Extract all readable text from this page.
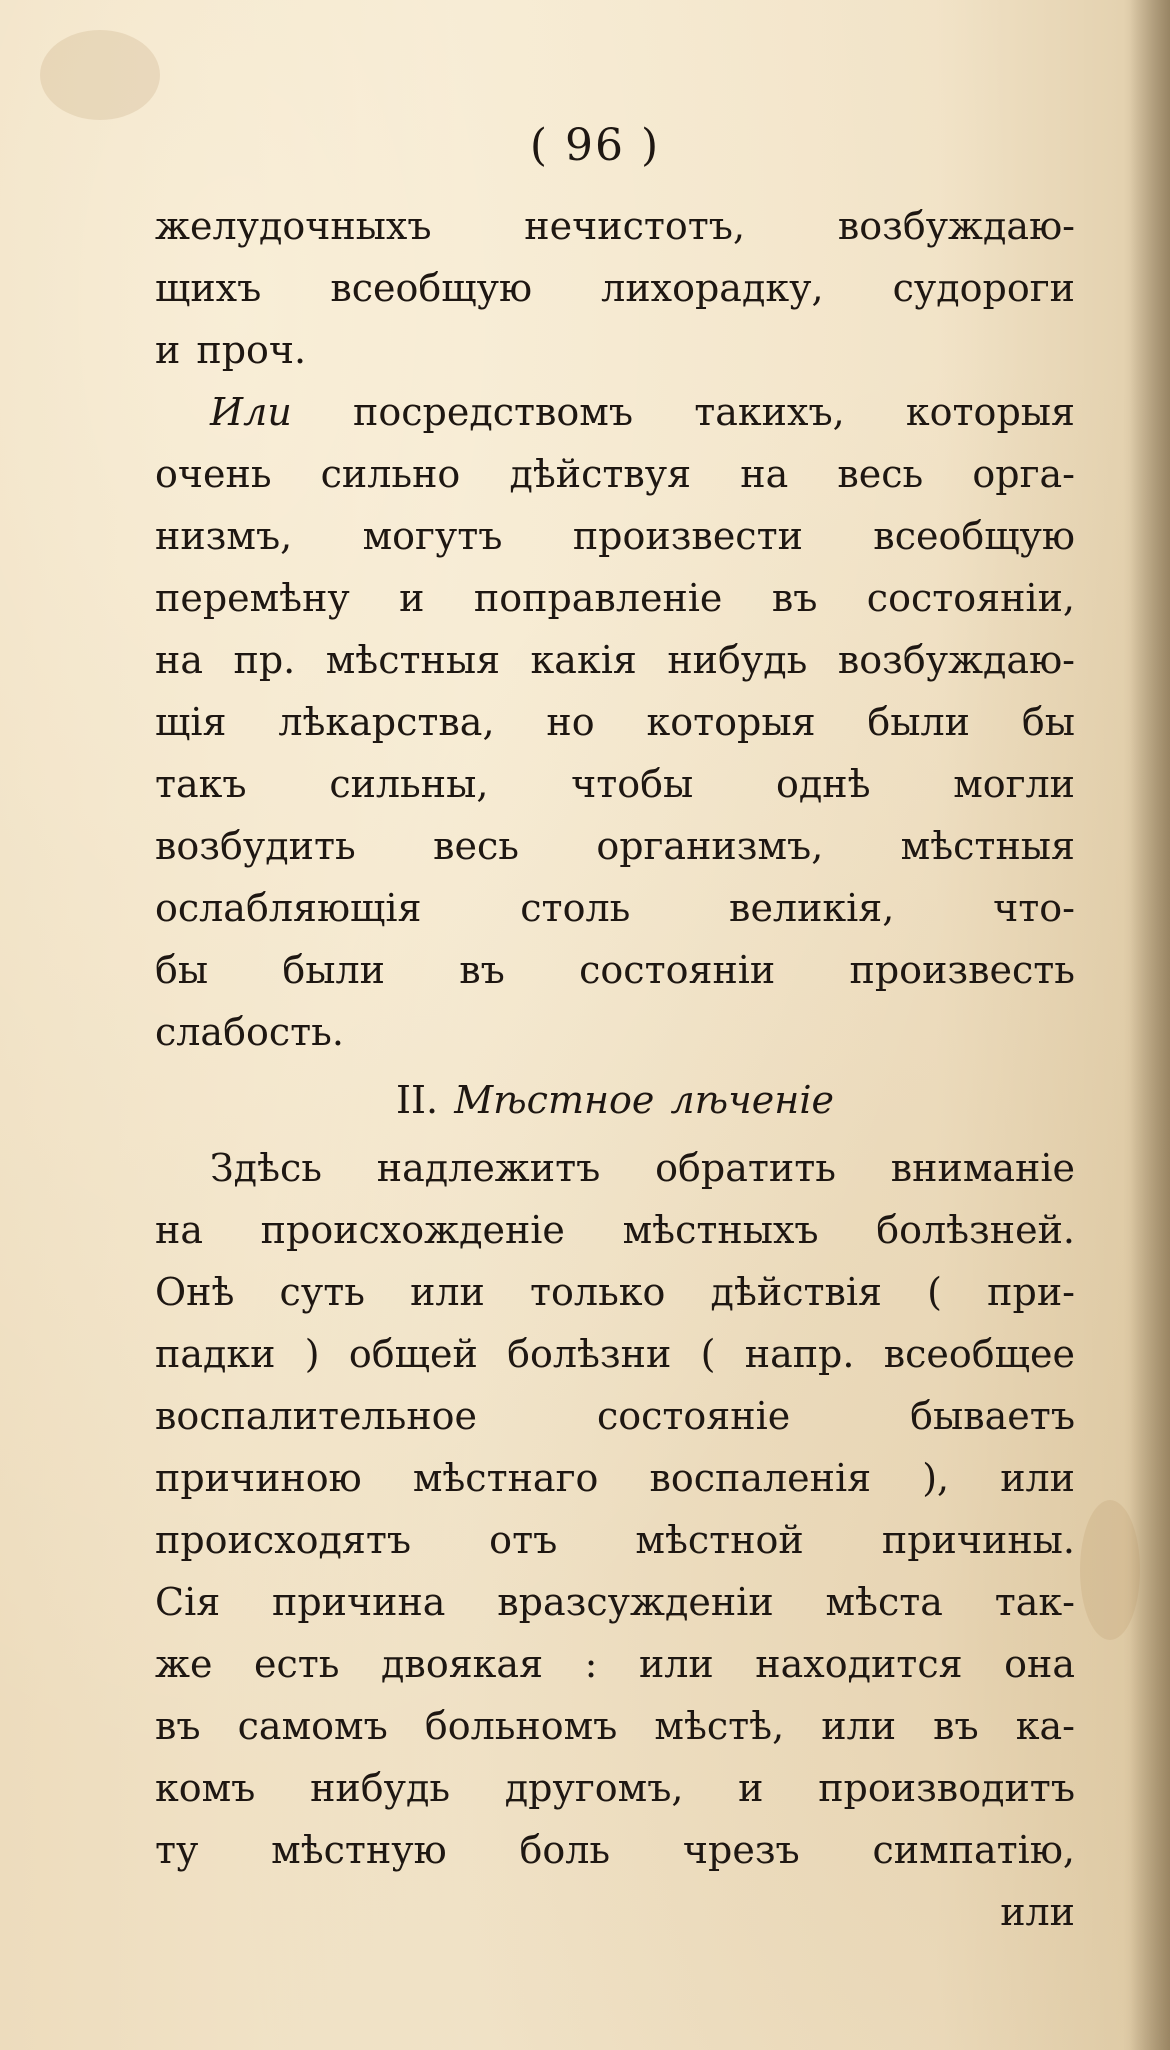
( 96 )
желудочныхъ нечистотъ, возбуждаю-
щихъ всеобщую лихорадку, судороги
и проч.
Или посредствомъ такихъ, которыя
очень сильно дѣйствуя на весь орга-
низмъ, могутъ произвести всеобщую
перемѣну и поправленіе въ состояніи,
на пр. мѣстныя какія нибудь возбуждаю-
щія лѣкарства, но которыя были бы
такъ сильны, чтобы однѣ могли
возбудить весь организмъ, мѣстныя
ослабляющія столь великія, что-
бы были въ состояніи произвесть
слабость.
II. Мѣстное лѣченіе
Здѣсь надлежитъ обратить вниманіе
на происхожденіе мѣстныхъ болѣзней.
Онѣ суть или только дѣйствія ( при-
падки ) общей болѣзни ( напр. всеобщее
воспалительное состояніе бываетъ
причиною мѣстнаго воспаленія ), или
происходятъ отъ мѣстной причины.
Сія причина вразсужденіи мѣста так-
же есть двоякая : или находится она
въ самомъ больномъ мѣстѣ, или въ ка-
комъ нибудь другомъ, и производитъ
ту мѣстную боль чрезъ симпатію,
или
